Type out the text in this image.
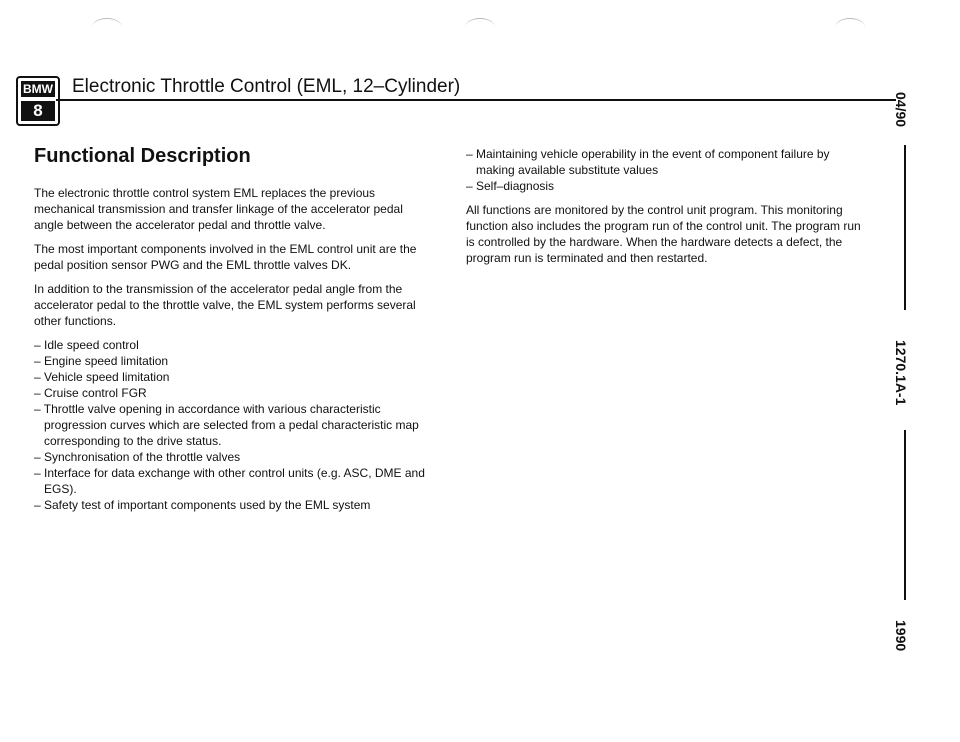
BMW
8
Electronic Throttle Control (EML, 12–Cylinder)
Functional Description

The electronic throttle control system EML replaces the previous mechanical transmission and transfer linkage of the accelerator pedal angle between the accelerator pedal and throttle valve.

The most important components involved in the EML control unit are the pedal position sensor PWG and the EML throttle valves DK.

In addition to the transmission of the accelerator pedal angle from the accelerator pedal to the throttle valve, the EML system performs several other functions.

– Idle speed control
– Engine speed limitation
– Vehicle speed limitation
– Cruise control FGR
– Throttle valve opening in accordance with various characteristic progression curves which are selected from a pedal characteristic map corresponding to the drive status.
– Synchronisation of the throttle valves
– Interface for data exchange with other control units (e.g. ASC, DME and EGS).
– Safety test of important components used by the EML system
– Maintaining vehicle operability in the event of component failure by making available substitute values
– Self–diagnosis

All functions are monitored by the control unit program. This monitoring function also includes the program run of the control unit. The program run is controlled by the hardware. When the hardware detects a defect, the program run is terminated and then restarted.

04/90
1270.1A-1
1990
